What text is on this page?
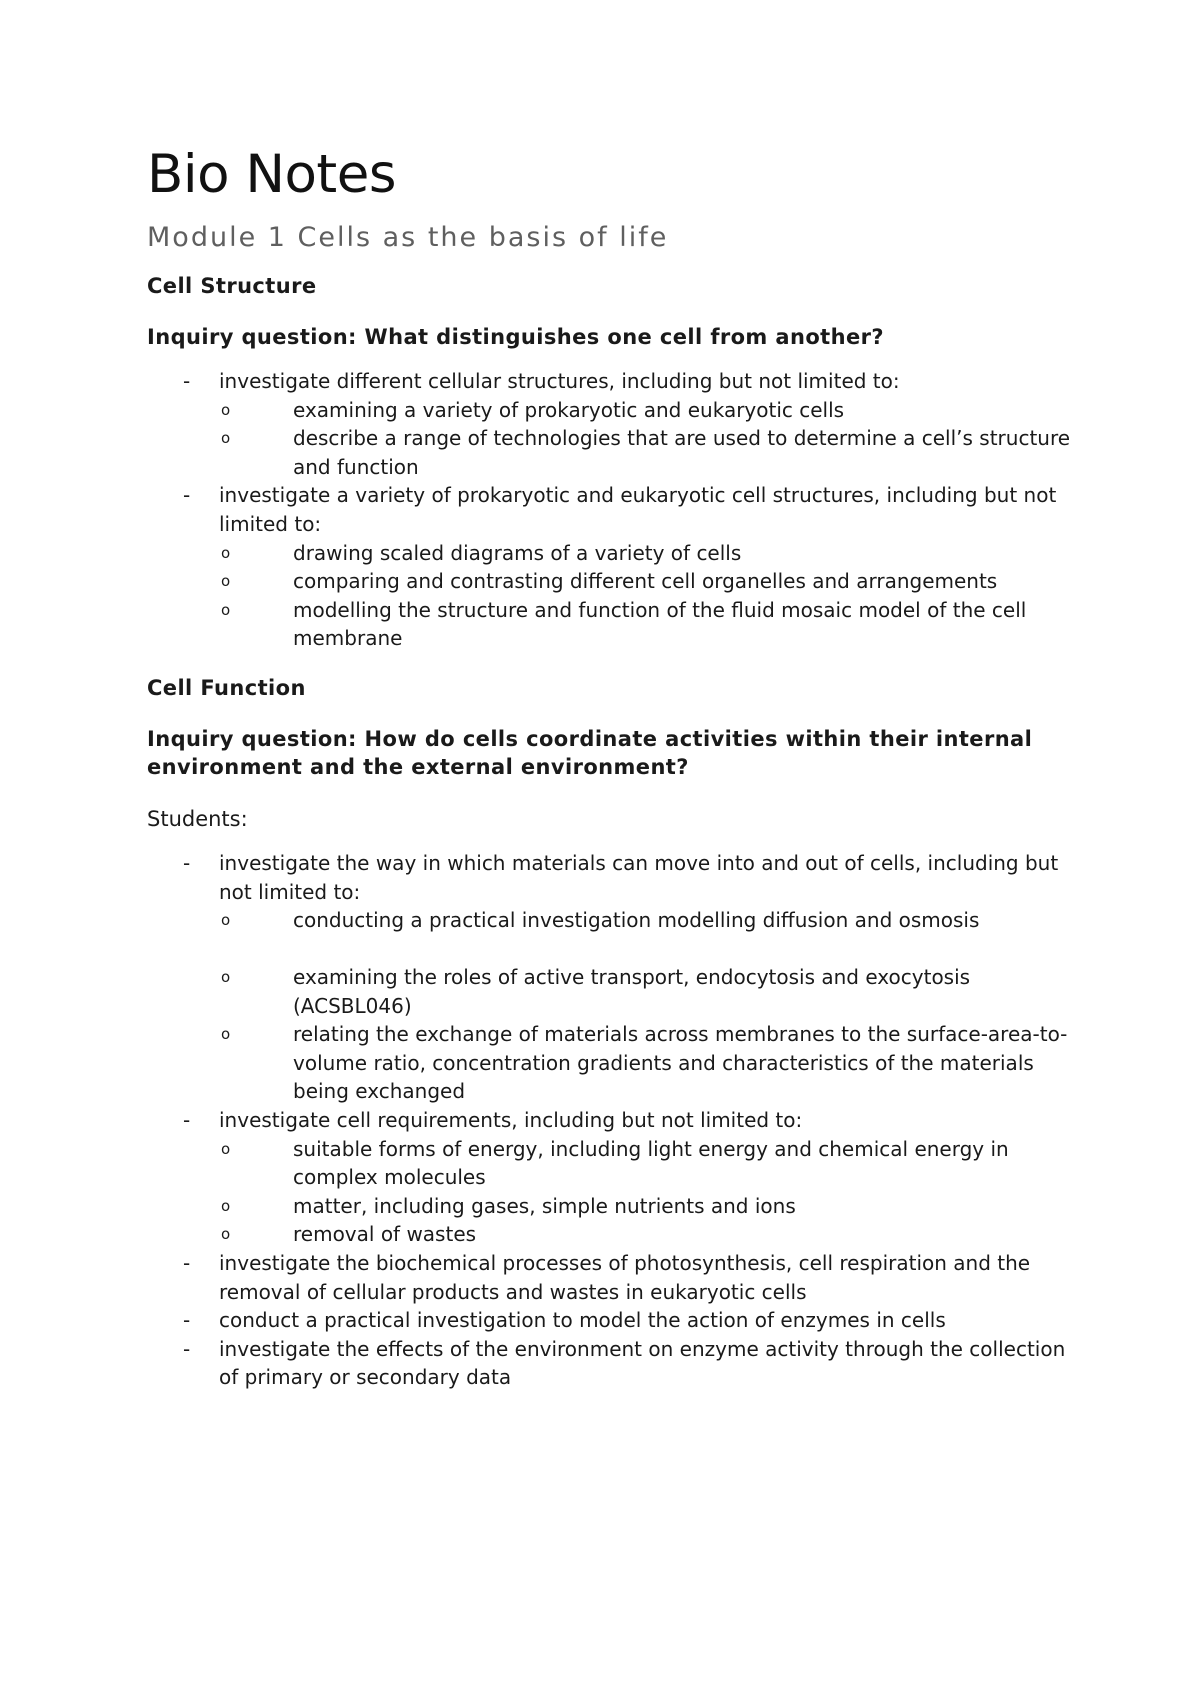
Bio Notes
Module 1 Cells as the basis of life
Cell Structure
Inquiry question: What distinguishes one cell from another?
- investigate different cellular structures, including but not limited to:
o	examining a variety of prokaryotic and eukaryotic cells
o	describe a range of technologies that are used to determine a cell’s structure and function
- investigate a variety of prokaryotic and eukaryotic cell structures, including but not limited to:
o	drawing scaled diagrams of a variety of cells
o	comparing and contrasting different cell organelles and arrangements
o	modelling the structure and function of the fluid mosaic model of the cell membrane
Cell Function
Inquiry question: How do cells coordinate activities within their internal environment and the external environment?
Students:
- investigate the way in which materials can move into and out of cells, including but not limited to:
o	conducting a practical investigation modelling diffusion and osmosis
o	examining the roles of active transport, endocytosis and exocytosis (ACSBL046)
o	relating the exchange of materials across membranes to the surface-area-to-volume ratio, concentration gradients and characteristics of the materials being exchanged
- investigate cell requirements, including but not limited to:
o	suitable forms of energy, including light energy and chemical energy in complex molecules
o	matter, including gases, simple nutrients and ions
o	removal of wastes
- investigate the biochemical processes of photosynthesis, cell respiration and the removal of cellular products and wastes in eukaryotic cells
- conduct a practical investigation to model the action of enzymes in cells
- investigate the effects of the environment on enzyme activity through the collection of primary or secondary data
